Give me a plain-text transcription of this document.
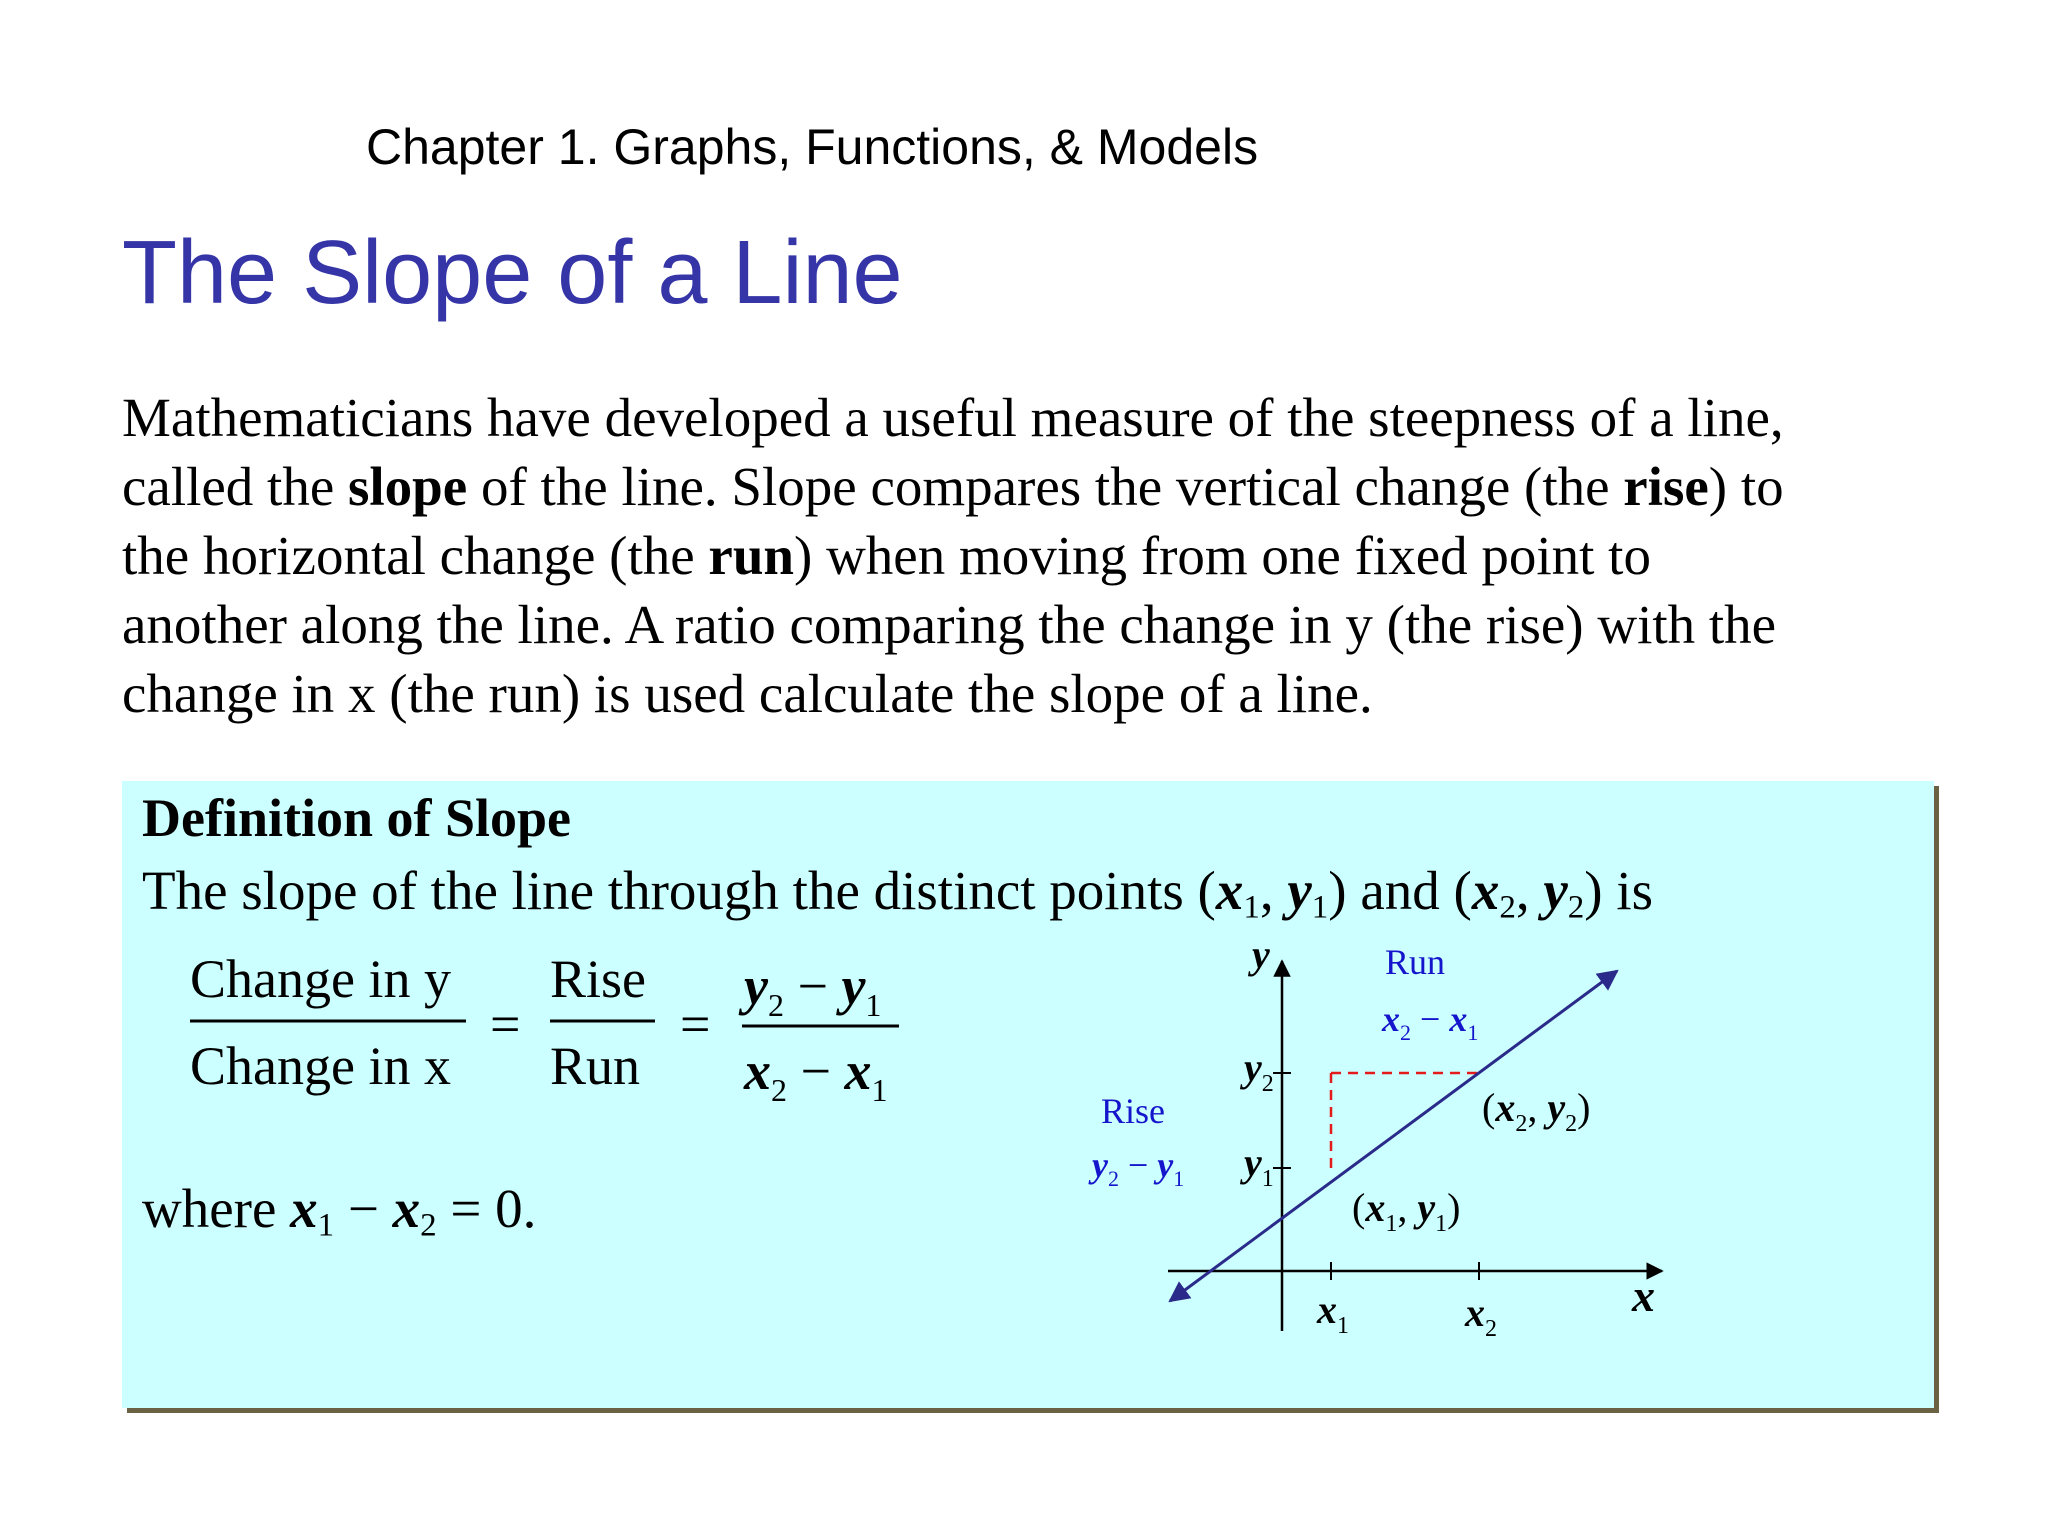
Chapter 1. Graphs, Functions, & Models
The Slope of a Line
Mathematicians have developed a useful measure of the steepness of a line,
called the slope of the line. Slope compares the vertical change (the rise) to
the horizontal change (the run) when moving from one fixed point to
another along the line. A ratio comparing the change in y (the rise) with the
change in x (the run) is used calculate the slope of a line.
Definition of Slope
The slope of the line through the distinct points ($x_1$, $y_1$) and ($x_2$, $y_2$) is
Change in y
Change in x
=
Rise
Run
=
$y_2 - y_1$
$x_2 - x_1$
where $x_1 - x_2 = 0$.
x
y
$x_1$	$x_2$
$y_1$
$y_2$
Run
$x_2 - x_1$
Rise
$y_2 - y_1$
($x_1$, $y_1$)
($x_2$, $y_2$)
